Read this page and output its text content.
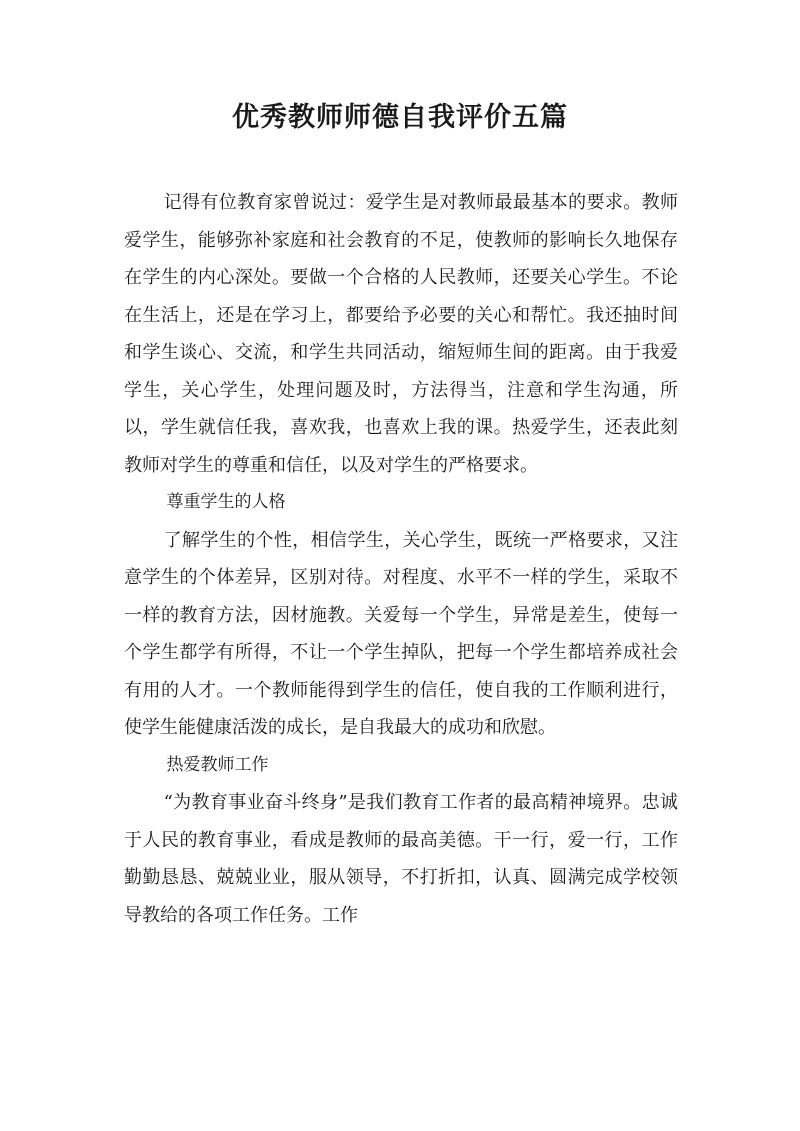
优秀教师师德自我评价五篇

记得有位教育家曾说过：爱学生是对教师最最基本的要求。教师爱学生，能够弥补家庭和社会教育的不足，使教师的影响长久地保存在学生的内心深处。要做一个合格的人民教师，还要关心学生。不论在生活上，还是在学习上，都要给予必要的关心和帮忙。我还抽时间和学生谈心、交流，和学生共同活动，缩短师生间的距离。由于我爱学生，关心学生，处理问题及时，方法得当，注意和学生沟通，所以，学生就信任我，喜欢我，也喜欢上我的课。热爱学生，还表此刻教师对学生的尊重和信任，以及对学生的严格要求。

尊重学生的人格

了解学生的个性，相信学生，关心学生，既统一严格要求，又注意学生的个体差异，区别对待。对程度、水平不一样的学生，采取不一样的教育方法，因材施教。关爱每一个学生，异常是差生，使每一个学生都学有所得，不让一个学生掉队，把每一个学生都培养成社会有用的人才。一个教师能得到学生的信任，使自我的工作顺利进行，使学生能健康活泼的成长，是自我最大的成功和欣慰。

热爱教师工作

“为教育事业奋斗终身”是我们教育工作者的最高精神境界。忠诚于人民的教育事业，看成是教师的最高美德。干一行，爱一行，工作勤勤恳恳、兢兢业业，服从领导，不打折扣，认真、圆满完成学校领导教给的各项工作任务。工作
